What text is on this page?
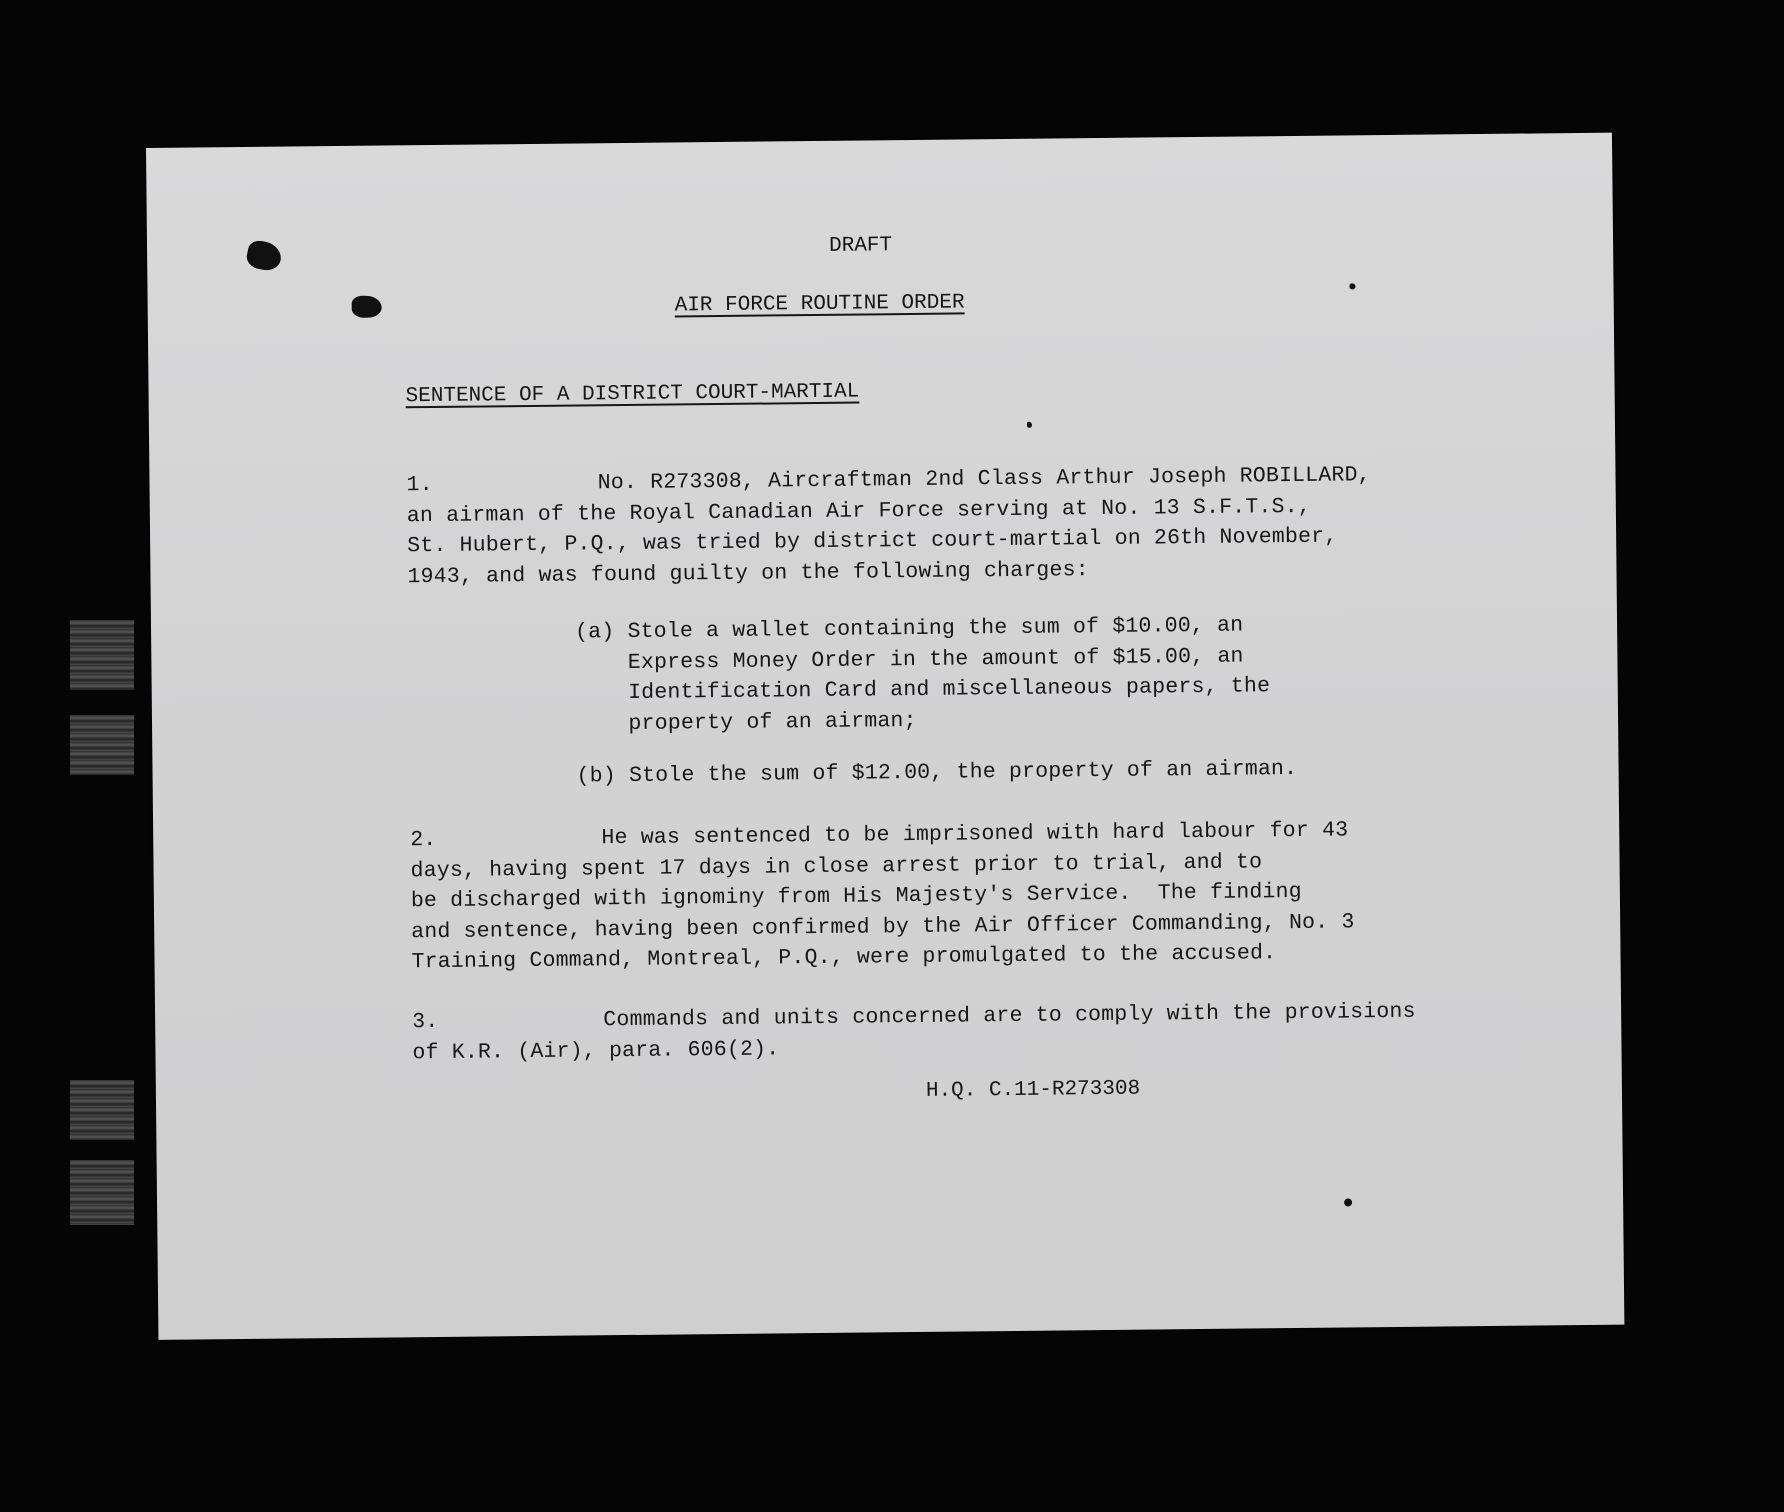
DRAFT
AIR FORCE ROUTINE ORDER
SENTENCE OF A DISTRICT COURT-MARTIAL
1.	No. R273308, Aircraftman 2nd Class Arthur Joseph ROBILLARD,
an airman of the Royal Canadian Air Force serving at No. 13 S.F.T.S.,
St. Hubert, P.Q., was tried by district court-martial on 26th November,
1943, and was found guilty on the following charges:
(a) Stole a wallet containing the sum of $10.00, an
Express Money Order in the amount of $15.00, an
Identification Card and miscellaneous papers, the
property of an airman;
(b) Stole the sum of $12.00, the property of an airman.
2.	He was sentenced to be imprisoned with hard labour for 43
days, having spent 17 days in close arrest prior to trial, and to
be discharged with ignominy from His Majesty's Service.  The finding
and sentence, having been confirmed by the Air Officer Commanding, No. 3
Training Command, Montreal, P.Q., were promulgated to the accused.
3.	Commands and units concerned are to comply with the provisions
of K.R. (Air), para. 606(2).
H.Q. C.11-R273308
